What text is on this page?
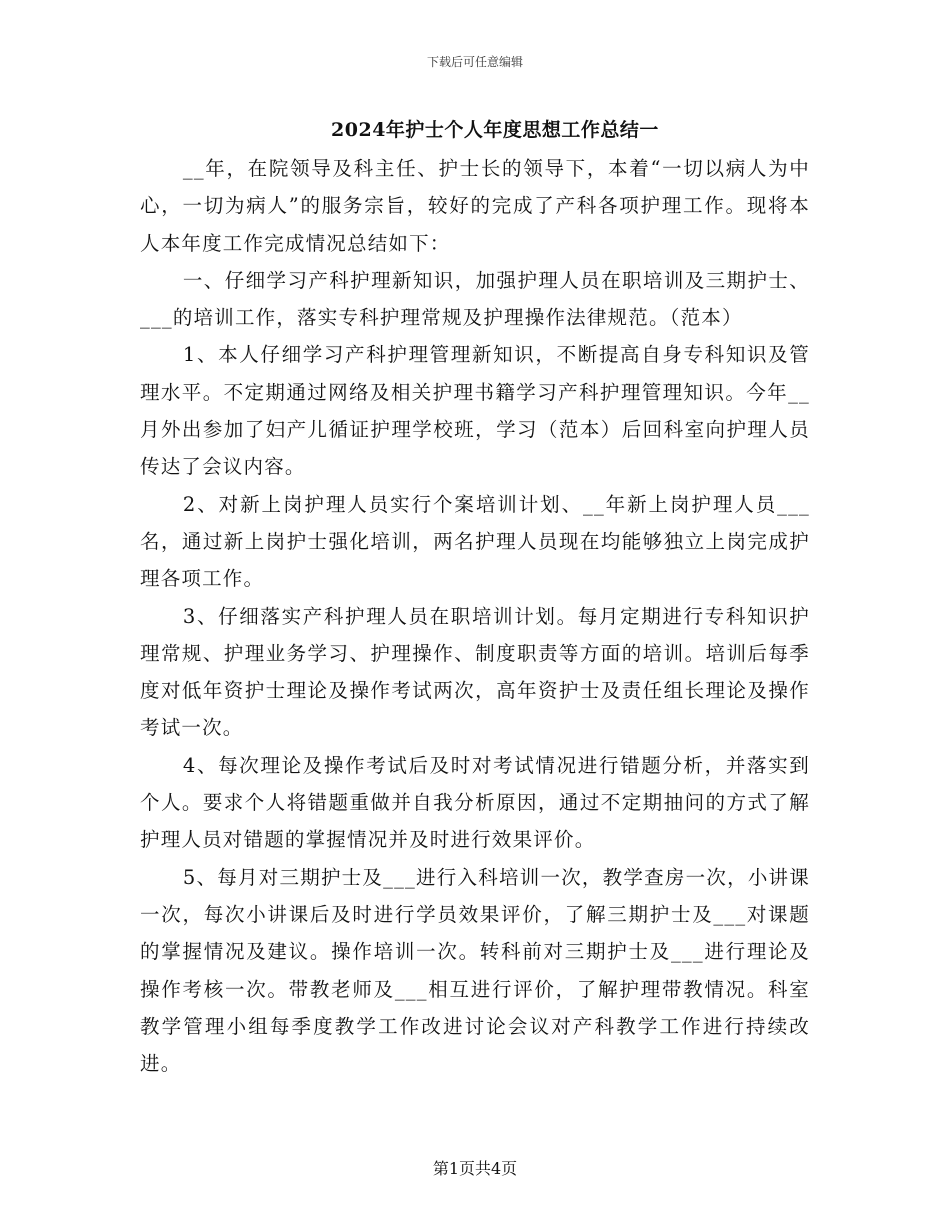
下载后可任意编辑
2024年护士个人年度思想工作总结一

__年，在院领导及科主任、护士长的领导下，本着“一切以病人为中心，一切为病人”的服务宗旨，较好的完成了产科各项护理工作。现将本人本年度工作完成情况总结如下：

一、仔细学习产科护理新知识，加强护理人员在职培训及三期护士、___的培训工作，落实专科护理常规及护理操作法律规范。（范本）

1、本人仔细学习产科护理管理新知识，不断提高自身专科知识及管理水平。不定期通过网络及相关护理书籍学习产科护理管理知识。今年__月外出参加了妇产儿循证护理学校班，学习（范本）后回科室向护理人员传达了会议内容。

2、对新上岗护理人员实行个案培训计划、__年新上岗护理人员___名，通过新上岗护士强化培训，两名护理人员现在均能够独立上岗完成护理各项工作。

3、仔细落实产科护理人员在职培训计划。每月定期进行专科知识护理常规、护理业务学习、护理操作、制度职责等方面的培训。培训后每季度对低年资护士理论及操作考试两次，高年资护士及责任组长理论及操作考试一次。

4、每次理论及操作考试后及时对考试情况进行错题分析，并落实到个人。要求个人将错题重做并自我分析原因，通过不定期抽问的方式了解护理人员对错题的掌握情况并及时进行效果评价。

5、每月对三期护士及___进行入科培训一次，教学查房一次，小讲课一次，每次小讲课后及时进行学员效果评价，了解三期护士及___对课题的掌握情况及建议。操作培训一次。转科前对三期护士及___进行理论及操作考核一次。带教老师及___相互进行评价，了解护理带教情况。科室教学管理小组每季度教学工作改进讨论会议对产科教学工作进行持续改进。

第1页共4页
